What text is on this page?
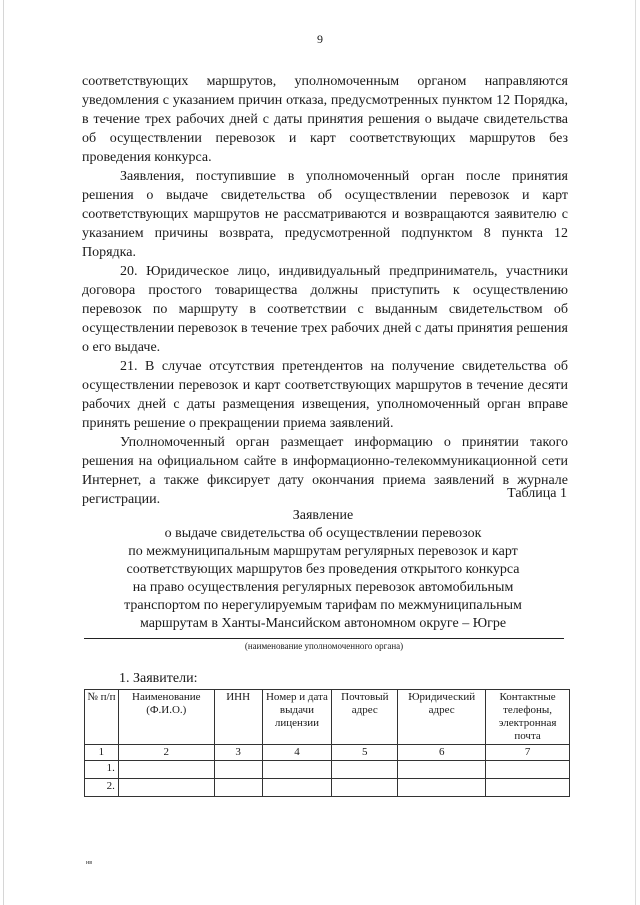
9

соответствующих маршрутов, уполномоченным органом направляются уведомления с указанием причин отказа, предусмотренных пунктом 12 Порядка, в течение трех рабочих дней с даты принятия решения о выдаче свидетельства об осуществлении перевозок и карт соответствующих маршрутов без проведения конкурса.

Заявления, поступившие в уполномоченный орган после принятия решения о выдаче свидетельства об осуществлении перевозок и карт соответствующих маршрутов не рассматриваются и возвращаются заявителю с указанием причины возврата, предусмотренной подпунктом 8 пункта 12 Порядка.

20. Юридическое лицо, индивидуальный предприниматель, участники договора простого товарищества должны приступить к осуществлению перевозок по маршруту в соответствии с выданным свидетельством об осуществлении перевозок в течение трех рабочих дней с даты принятия решения о его выдаче.

21. В случае отсутствия претендентов на получение свидетельства об осуществлении перевозок и карт соответствующих маршрутов в течение десяти рабочих дней с даты размещения извещения, уполномоченный орган вправе принять решение о прекращении приема заявлений.

Уполномоченный орган размещает информацию о принятии такого решения на официальном сайте в информационно-телекоммуникационной сети Интернет, а также фиксирует дату окончания приема заявлений в журнале регистрации.	Таблица 1
Заявление
о выдаче свидетельства об осуществлении перевозок
по межмуниципальным маршрутам регулярных перевозок и карт
соответствующих маршрутов без проведения открытого конкурса
на право осуществления регулярных перевозок автомобильным
транспортом по нерегулируемым тарифам по межмуниципальным
маршрутам в Ханты-Мансийском автономном округе – Югре
(наименование уполномоченного органа)
1. Заявители:
№ п/п	Наименование (Ф.И.О.)	ИНН	Номер и дата выдачи лицензии	Почтовый адрес	Юридический адрес	Контактные телефоны, электронная почта
1	2	3	4	5	6	7
1.						
2.						
нв
